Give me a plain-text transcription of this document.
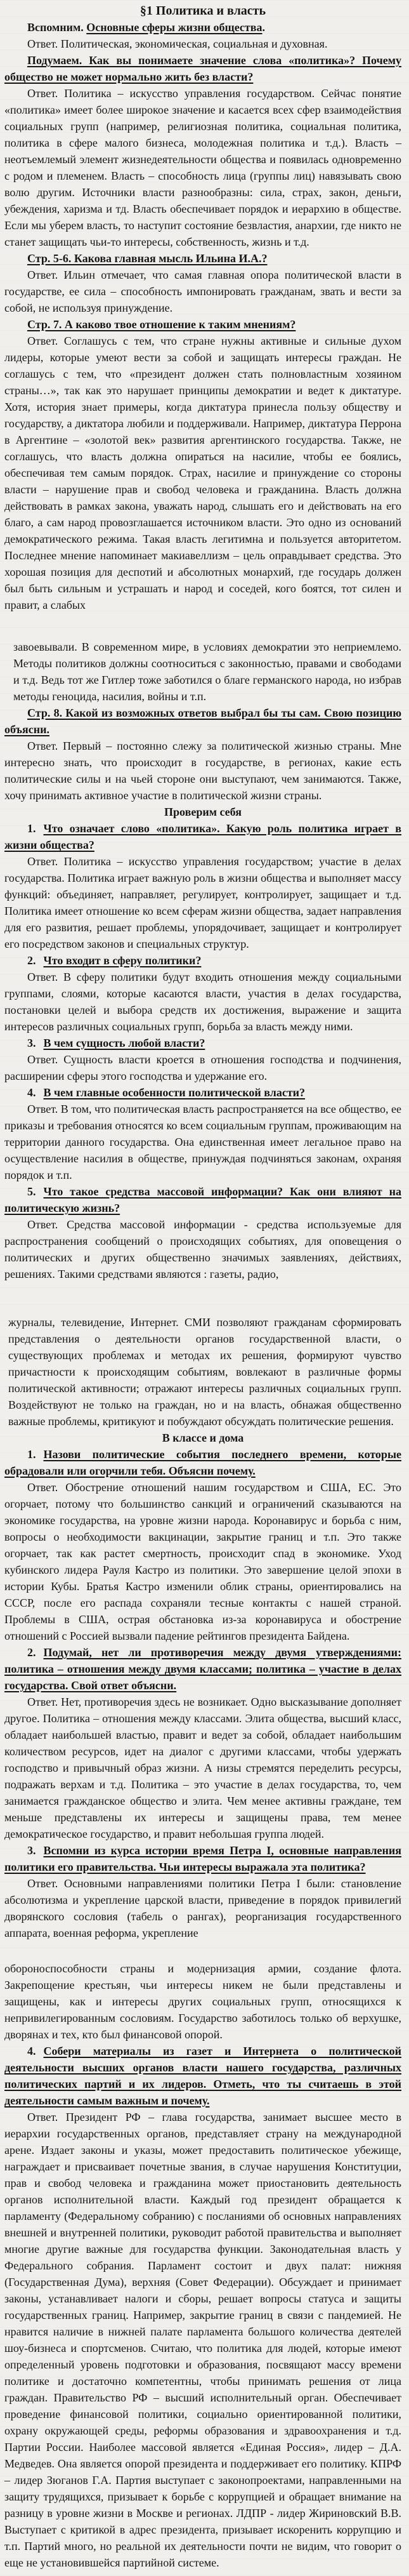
§1 Политика и власть

Вспомним. Основные сферы жизни общества.

Ответ. Политическая, экономическая, социальная и духовная.

Подумаем. Как вы понимаете значение слова «политика»? Почему общество не может нормально жить без власти?

Ответ. Политика – искусство управления государством. Сейчас понятие «политика» имеет более широкое значение и касается всех сфер взаимодействия социальных групп (например, религиозная политика, социальная политика, политика в сфере малого бизнеса, молодежная политика и т.д.). Власть – неотъемлемый элемент жизнедеятельности общества и появилась одновременно с родом и племенем. Власть – способность лица (группы лиц) навязывать свою волю другим. Источники власти разнообразны: сила, страх, закон, деньги, убеждения, харизма и тд. Власть обеспечивает порядок и иерархию в обществе. Если мы уберем власть, то наступит состояние безвластия, анархии, где никто не станет защищать чьи-то интересы, собственность, жизнь и т.д.

Стр. 5-6. Какова главная мысль Ильина И.А.?

Ответ. Ильин отмечает, что самая главная опора политической власти в государстве, ее сила – способность импонировать гражданам, звать и вести за собой, не используя принуждение.

Стр. 7. А каково твое отношение к таким мнениям?

Ответ. Соглашусь с тем, что стране нужны активные и сильные духом лидеры, которые умеют вести за собой и защищать интересы граждан. Не соглашусь с тем, что «президент должен стать полновластным хозяином страны…», так как это нарушает принципы демократии и ведет к диктатуре. Хотя, история знает примеры, когда диктатура принесла пользу обществу и государству, а диктатора любили и поддерживали. Например, диктатура Перрона в Аргентине – «золотой век» развития аргентинского государства. Также, не соглашусь, что власть должна опираться на насилие, чтобы ее боялись, обеспечивая тем самым порядок. Страх, насилие и принуждение со стороны власти – нарушение прав и свобод человека и гражданина. Власть должна действовать в рамках закона, уважать народ, слышать его и действовать на его благо, а сам народ провозглашается источником власти. Это одно из оснований демократического режима. Такая власть легитимна и пользуется авторитетом. Последнее мнение напоминает макиавеллизм – цель оправдывает средства. Это хорошая позиция для деспотий и абсолютных монархий, где государь должен был быть сильным и устрашать и народ и соседей, кого боятся, тот силен и правит, а слабых

завоевывали. В современном мире, в условиях демократии это неприемлемо. Методы политиков должны соотноситься с законностью, правами и свободами и т.д. Ведь тот же Гитлер тоже заботился о благе германского народа, но избрав методы геноцида, насилия, войны и т.п.

Стр. 8. Какой из возможных ответов выбрал бы ты сам. Свою позицию объясни.

Ответ. Первый – постоянно слежу за политической жизнью страны. Мне интересно знать, что происходит в государстве, в регионах, какие есть политические силы и на чьей стороне они выступают, чем занимаются. Также, хочу принимать активное участие в политической жизни страны.

Проверим себя

1. Что означает слово «политика». Какую роль политика играет в жизни общества?

Ответ. Политика – искусство управления государством; участие в делах государства. Политика играет важную роль в жизни общества и выполняет массу функций: объединяет, направляет, регулирует, контролирует, защищает и т.д. Политика имеет отношение ко всем сферам жизни общества, задает направления для его развития, решает проблемы, упорядочивает, защищает и контролирует его посредством законов и специальных структур.

2. Что входит в сферу политики?

Ответ. В сферу политики будут входить отношения между социальными группами, слоями, которые касаются власти, участия в делах государства, постановки целей и выбора средств их достижения, выражение и защита интересов различных социальных групп, борьба за власть между ними.

3. В чем сущность любой власти?

Ответ. Сущность власти кроется в отношения господства и подчинения, расширении сферы этого господства и удержание его.

4. В чем главные особенности политической власти?

Ответ. В том, что политическая власть распространяется на все общество, ее приказы и требования относятся ко всем социальным группам, проживающим на территории данного государства. Она единственная имеет легальное право на осуществление насилия в обществе, принуждая подчиняться законам, охраняя порядок и т.п.

5. Что такое средства массовой информации? Как они влияют на политическую жизнь?

Ответ. Средства массовой информации - средства используемые для распространения сообщений о происходящих событиях, для оповещения о политических и других общественно значимых заявлениях, действиях, решениях. Такими средствами являются : газеты, радио,

журналы, телевидение, Интернет. СМИ позволяют гражданам сформировать представления о деятельности органов государственной власти, о существующих проблемах и методах их решения, формируют чувство причастности к происходящим событиям, вовлекают в различные формы политической активности; отражают интересы различных социальных групп. Воздействуют не только на граждан, но и на власть, обнажая общественно важные проблемы, критикуют и побуждают обсуждать политические решения.

В классе и дома

1. Назови политические события последнего времени, которые обрадовали или огорчили тебя. Объясни почему.

Ответ. Обострение отношений нашим государством и США, ЕС. Это огорчает, потому что большинство санкций и ограничений сказываются на экономике государства, на уровне жизни народа. Коронавирус и борьба с ним, вопросы о необходимости вакцинации, закрытие границ и т.п. Это также огорчает, так как растет смертность, происходит спад в экономике. Уход кубинского лидера Рауля Кастро из политики. Это завершение целой эпохи в истории Кубы. Братья Кастро изменили облик страны, ориентировались на СССР, после его распада сохраняли тесные контакты с нашей страной. Проблемы в США, острая обстановка из-за коронавируса и обострение отношений с Россией вызвали падение рейтингов президента Байдена.

2. Подумай, нет ли противоречия между двумя утверждениями: политика – отношения между двумя классами; политика – участие в делах государства. Свой ответ объясни.

Ответ. Нет, противоречия здесь не возникает. Одно высказывание дополняет другое. Политика – отношения между классами. Элита общества, высший класс, обладает наибольшей властью, правит и ведет за собой, обладает наибольшим количеством ресурсов, идет на диалог с другими классами, чтобы удержать господство и привычный образ жизни. А низы стремятся переделить ресурсы, подражать верхам и т.д. Политика – это участие в делах государства, то, чем занимается гражданское общество и элита. Чем менее активны граждане, тем меньше представлены их интересы и защищены права, тем менее демократическое государство, и правит небольшая группа людей.

3. Вспомни из курса истории время Петра I, основные направления политики его правительства. Чьи интересы выражала эта политика?

Ответ. Основными направлениями политики Петра I были: становление абсолютизма и укрепление царской власти, приведение в порядок привилегий дворянского сословия (табель о рангах), реорганизация государственного аппарата, военная реформа, укрепление

обороноспособности страны и модернизация армии, создание флота. Закрепощение крестьян, чьи интересы никем не были представлены и защищены, как и интересы других социальных групп, относящихся к непривилегированным сословиям. Государство заботилось только об верхушке, дворянах и тех, кто был финансовой опорой.

4. Собери материалы из газет и Интернета о политической деятельности высших органов власти нашего государства, различных политических партий и их лидеров. Отметь, что ты считаешь в этой деятельности самым важным и почему.

Ответ. Президент РФ – глава государства, занимает высшее место в иерархии государственных органов, представляет страну на международной арене. Издает законы и указы, может предоставить политическое убежище, награждает и присваивает почетные звания, в случае нарушения Конституции, прав и свобод человека и гражданина может приостановить деятельность органов исполнительной власти. Каждый год президент обращается к парламенту (Федеральному собранию) с посланиями об основных направлениях внешней и внутренней политики, руководит работой правительства и выполняет многие другие важные для государства функции. Законодательная власть у Федерального собрания. Парламент состоит и двух палат: нижняя (Государственная Дума), верхняя (Совет Федерации). Обсуждает и принимает законы, устанавливает налоги и сборы, решает вопросы статуса и защиты государственных границ. Например, закрытие границ в связи с пандемией. Не нравится наличие в нижней палате парламента большого количества деятелей шоу-бизнеса и спортсменов. Считаю, что политика для людей, которые имеют определенный уровень подготовки и образования, посвящают массу времени политике и достаточно компетентны, чтобы принимать решения от лица граждан. Правительство РФ – высший исполнительный орган. Обеспечивает проведение финансовой политики, социально ориентированной политики, охрану окружающей среды, реформы образования и здравоохранения и т.д. Партии России. Наиболее массовой является «Единая Россия», лидер – Д.А. Медведев. Она является опорой президента и поддерживает его политику. КПРФ – лидер Зюганов Г.А. Партия выступает с законопроектами, направленными на защиту трудящихся, призывает к борьбе с коррупцией и обращает внимание на разницу в уровне жизни в Москве и регионах. ЛДПР - лидер Жириновский В.В. Выступает с критикой в адрес президента, призывает искоренить коррупцию и т.п. Партий много, но реальной их деятельности почти не видим, что говорит о еще не установившейся партийной системе.
